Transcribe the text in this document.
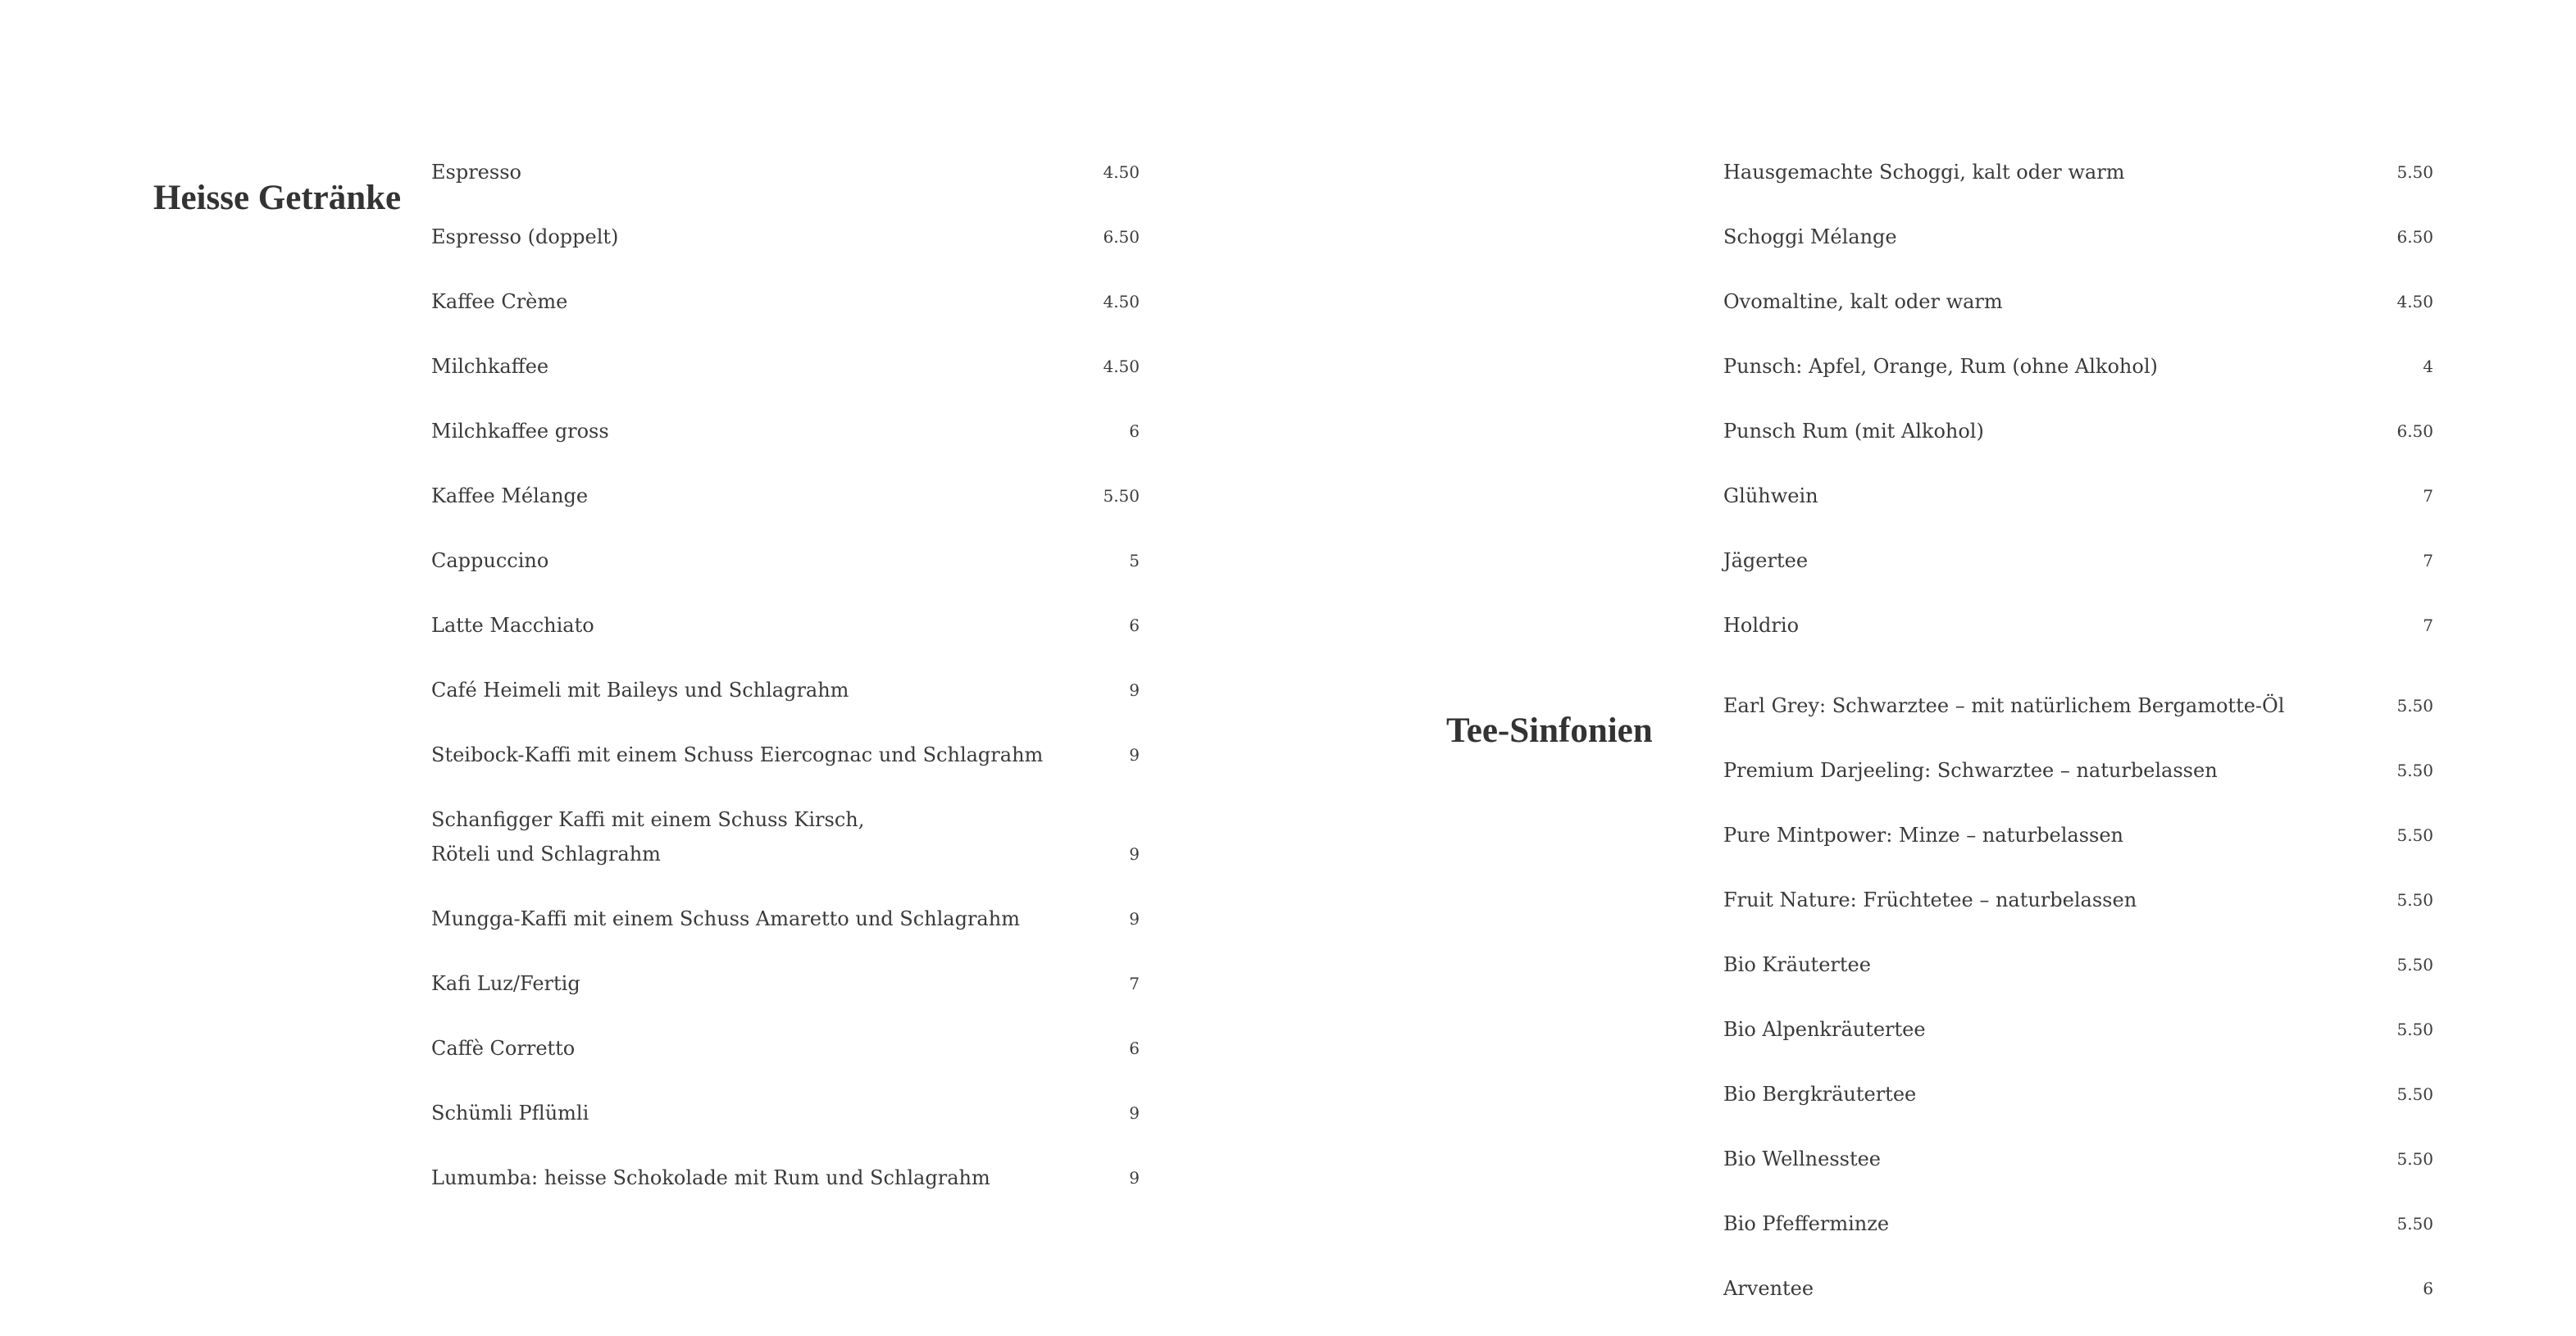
Heisse Getränke
Tee-Sinfonien
Espresso	4.50
Espresso (doppelt)	6.50
Kaffee Crème	4.50
Milchkaffee	4.50
Milchkaffee gross	6
Kaffee Mélange	5.50
Cappuccino	5
Latte Macchiato	6
Café Heimeli mit Baileys und Schlagrahm	9
Steibock-Kaffi mit einem Schuss Eiercognac und Schlagrahm	9
Schanfigger Kaffi mit einem Schuss Kirsch,
Röteli und Schlagrahm	9
Mungga-Kaffi mit einem Schuss Amaretto und Schlagrahm	9
Kafi Luz/Fertig	7
Caffè Corretto	6
Schümli Pflümli	9
Lumumba: heisse Schokolade mit Rum und Schlagrahm	9
Hausgemachte Schoggi, kalt oder warm	5.50
Schoggi Mélange	6.50
Ovomaltine, kalt oder warm	4.50
Punsch: Apfel, Orange, Rum (ohne Alkohol)	4
Punsch Rum (mit Alkohol)	6.50
Glühwein	7
Jägertee	7
Holdrio	7
Earl Grey: Schwarztee – mit natürlichem Bergamotte-Öl	5.50
Premium Darjeeling: Schwarztee – naturbelassen	5.50
Pure Mintpower: Minze – naturbelassen	5.50
Fruit Nature: Früchtetee – naturbelassen	5.50
Bio Kräutertee	5.50
Bio Alpenkräutertee	5.50
Bio Bergkräutertee	5.50
Bio Wellnesstee	5.50
Bio Pfefferminze	5.50
Arventee	6
